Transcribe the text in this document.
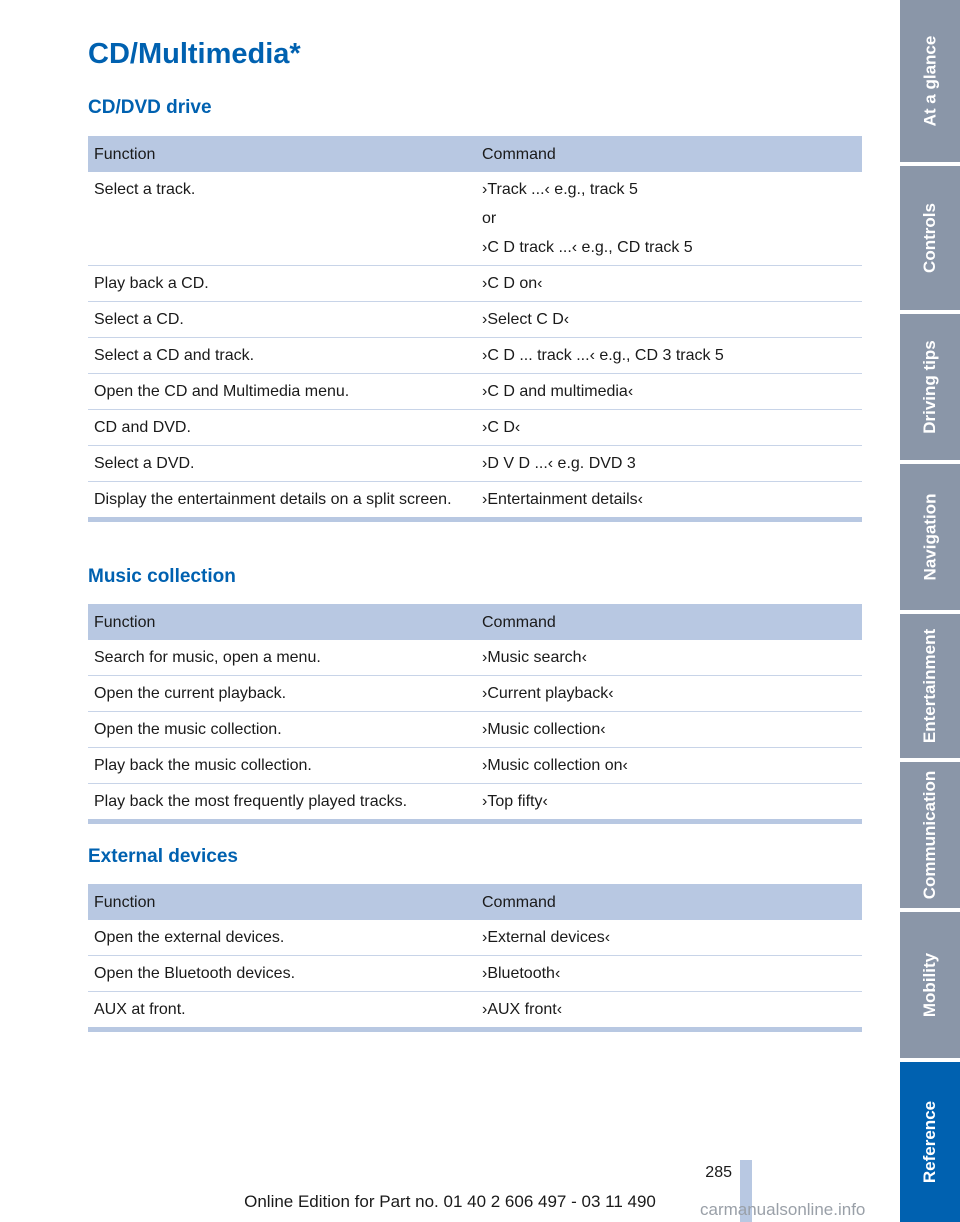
CD/Multimedia*
CD/DVD drive
Function	Command
Select a track.	›Track ...‹ e.g., track 5
or
›C D track ...‹ e.g., CD track 5

Play back a CD.	›C D on‹

Select a CD.	›Select C D‹

Select a CD and track.	›C D ... track ...‹ e.g., CD 3 track 5

Open the CD and Multimedia menu.	›C D and multimedia‹

CD and DVD.	›C D‹

Select a DVD.	›D V D ...‹ e.g. DVD 3

Display the entertainment details on a split screen.	›Entertainment details‹
Music collection
Function	Command
Search for music, open a menu.	›Music search‹

Open the current playback.	›Current playback‹

Open the music collection.	›Music collection‹

Play back the music collection.	›Music collection on‹

Play back the most frequently played tracks.	›Top fifty‹
External devices
Function	Command
Open the external devices.	›External devices‹

Open the Bluetooth devices.	›Bluetooth‹

AUX at front.	›AUX front‹
At a glance
Controls
Driving tips
Navigation
Entertainment
Communication
Mobility
Reference
285
Online Edition for Part no. 01 40 2 606 497 - 03 11 490	carmanualsonline.info
